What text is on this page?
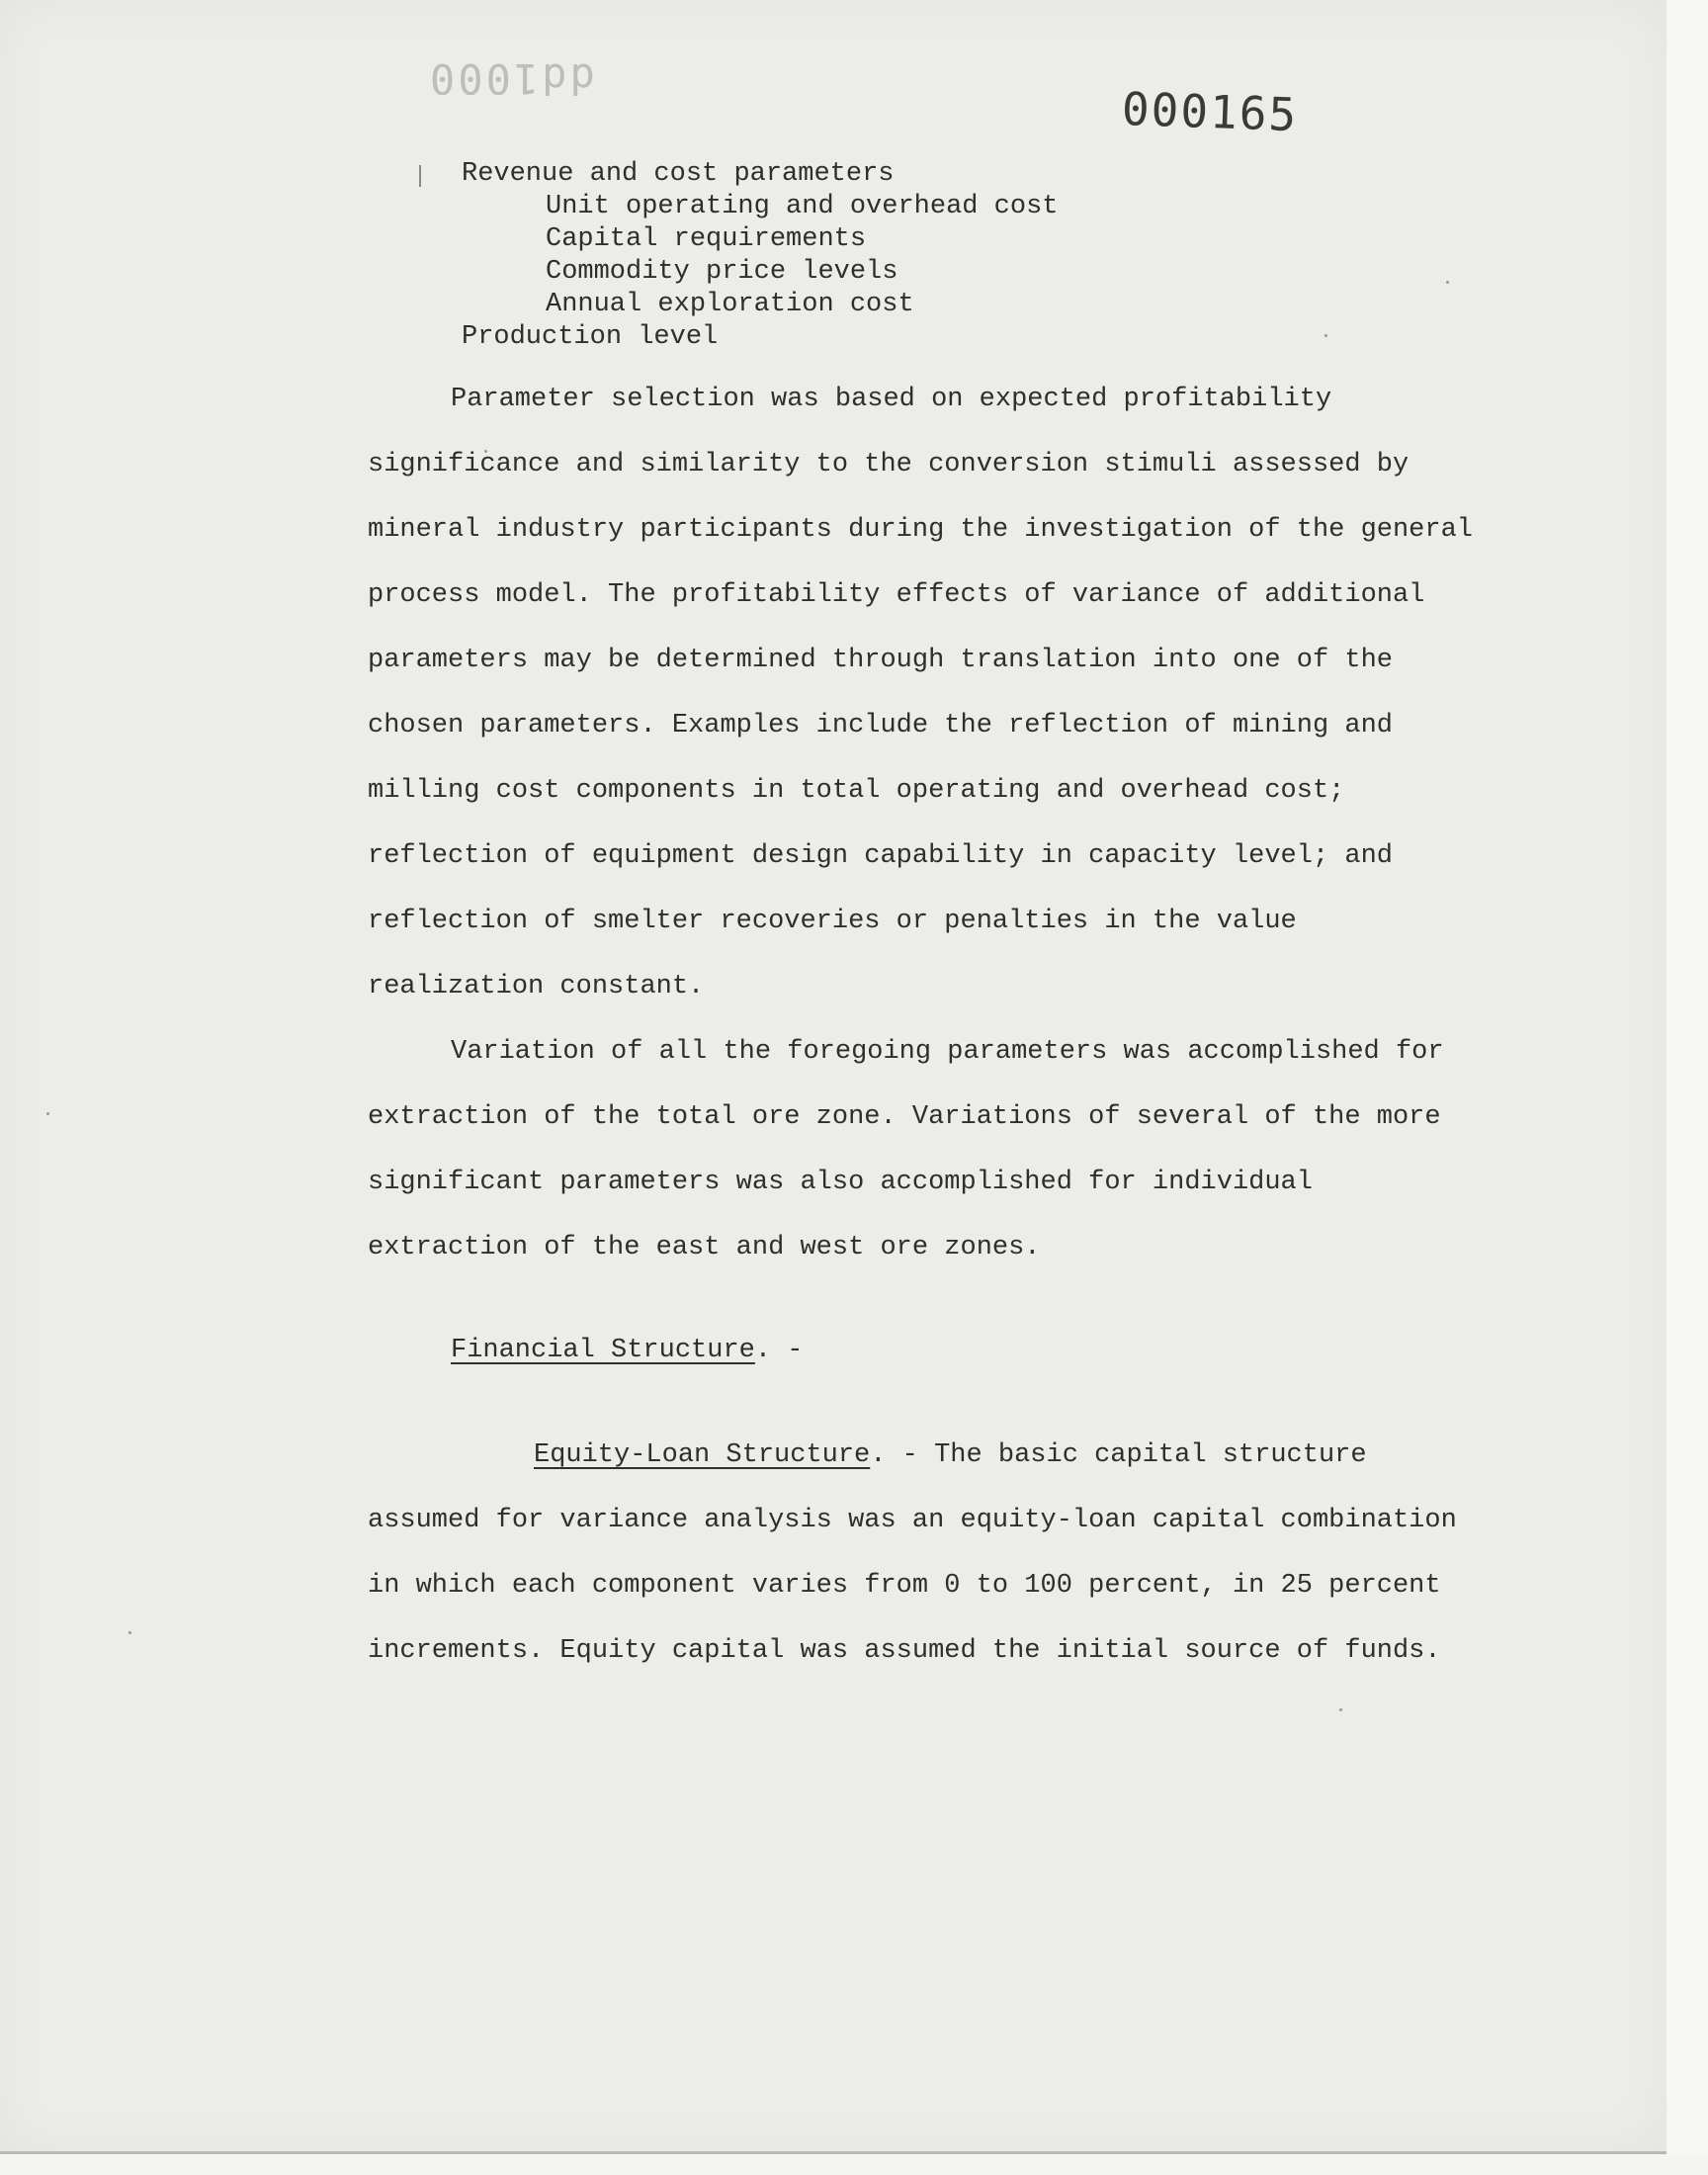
dd1000
000165
Revenue and cost parameters
Unit operating and overhead cost
Capital requirements
Commodity price levels
Annual exploration cost
Production level

Parameter selection was based on expected profitability significance and similarity to the conversion stimuli assessed by mineral industry participants during the investigation of the general process model. The profitability effects of variance of additional parameters may be determined through translation into one of the chosen parameters. Examples include the reflection of mining and milling cost components in total operating and overhead cost; reflection of equipment design capability in capacity level; and reflection of smelter recoveries or penalties in the value realization constant.

Variation of all the foregoing parameters was accomplished for extraction of the total ore zone. Variations of several of the more significant parameters was also accomplished for individual extraction of the east and west ore zones.

Financial Structure. -

Equity-Loan Structure. - The basic capital structure assumed for variance analysis was an equity-loan capital combination in which each component varies from 0 to 100 percent, in 25 percent increments. Equity capital was assumed the initial source of funds.
